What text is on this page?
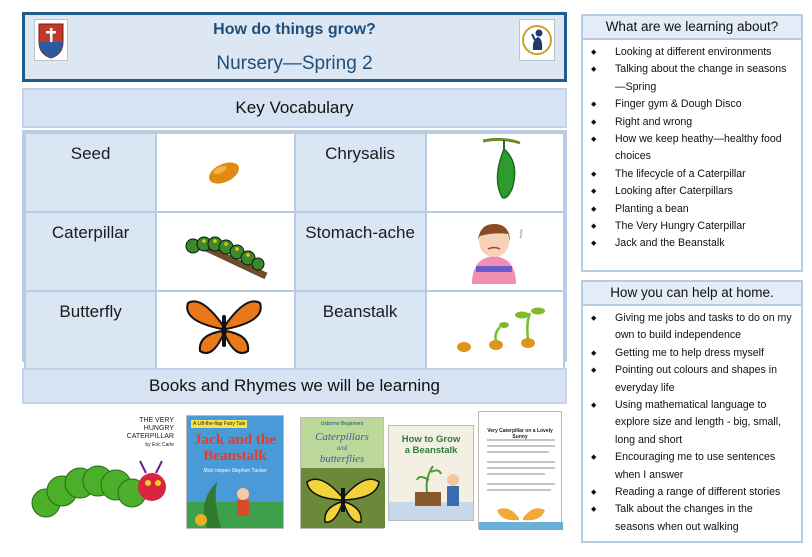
How do things grow?
Nursery—Spring 2
Key Vocabulary
Seed		Chrysalis	
Caterpillar		Stomach-ache	ʃ

Butterfly		Beanstalk	
Books and Rhymes we will be learning
THE VERY
HUNGRY
CATERPILLAR
by Eric Carle
A Lift-the-flap Fairy Tale
Jack and the
Beanstalk
Mick Inkpen Stephen Tucker
Usborne Beginners
Caterpillars
and
butterflies
How to Grow
a Beanstalk
Very Caterpillar on a Lovely Sunny
What are we learning about?
◆ Looking at different environments
◆ Talking about the change in seasons—Spring
◆ Finger gym & Dough Disco
◆ Right and wrong
◆ How we keep heathy—healthy food choices
◆ The lifecycle of a Caterpillar
◆ Looking after Caterpillars
◆ Planting a bean
◆ The Very Hungry Caterpillar
◆ Jack and the Beanstalk
How you can help at home.
◆ Giving me jobs and tasks to do on my own to build independence
◆ Getting me to help dress myself
◆ Pointing out colours and shapes in everyday life
◆ Using mathematical language to explore size and length - big, small, long and short
◆ Encouraging me to use sentences when I answer
◆ Reading a range of different stories
◆ Talk about the changes in the seasons when out walking
